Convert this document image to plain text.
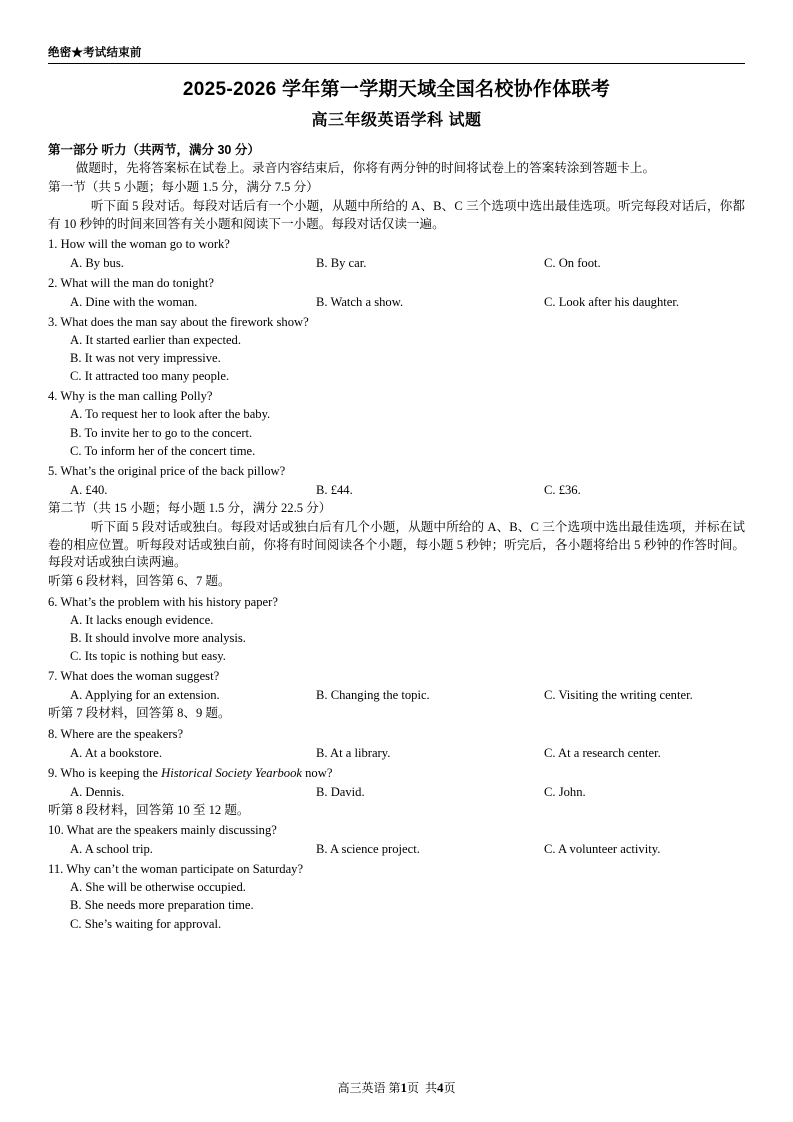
绝密★考试结束前
2025-2026 学年第一学期天域全国名校协作体联考
高三年级英语学科 试题
第一部分 听力（共两节，满分 30 分）
做题时，先将答案标在试卷上。录音内容结束后，你将有两分钟的时间将试卷上的答案转涂到答题卡上。
第一节（共 5 小题；每小题 1.5 分，满分 7.5 分）
听下面 5 段对话。每段对话后有一个小题，从题中所给的 A、B、C 三个选项中选出最佳选项。听完每段对话后，你都有 10 秒钟的时间来回答有关小题和阅读下一小题。每段对话仅读一遍。
1. How will the woman go to work?
A. By bus.	B. By car.	C. On foot.
2. What will the man do tonight?
A. Dine with the woman.	B. Watch a show.	C. Look after his daughter.
3. What does the man say about the firework show?
A. It started earlier than expected.
B. It was not very impressive.
C. It attracted too many people.
4. Why is the man calling Polly?
A. To request her to look after the baby.
B. To invite her to go to the concert.
C. To inform her of the concert time.
5. What’s the original price of the back pillow?
A. £40.	B. £44.	C. £36.
第二节（共 15 小题；每小题 1.5 分，满分 22.5 分）
听下面 5 段对话或独白。每段对话或独白后有几个小题，从题中所给的 A、B、C 三个选项中选出最佳选项，并标在试卷的相应位置。听每段对话或独白前，你将有时间阅读各个小题，每小题 5 秒钟；听完后，各小题将给出 5 秒钟的作答时间。每段对话或独白读两遍。
听第 6 段材料，回答第 6、7 题。
6. What’s the problem with his history paper?
A. It lacks enough evidence.
B. It should involve more analysis.
C. Its topic is nothing but easy.
7. What does the woman suggest?
A. Applying for an extension.	B. Changing the topic.	C. Visiting the writing center.
听第 7 段材料，回答第 8、9 题。
8. Where are the speakers?
A. At a bookstore.	B. At a library.	C. At a research center.
9. Who is keeping the Historical Society Yearbook now?
A. Dennis.	B. David.	C. John.
听第 8 段材料，回答第 10 至 12 题。
10. What are the speakers mainly discussing?
A. A school trip.	B. A science project.	C. A volunteer activity.
11. Why can’t the woman participate on Saturday?
A. She will be otherwise occupied.
B. She needs more preparation time.
C. She’s waiting for approval.
高三英语 第1页 共4页
